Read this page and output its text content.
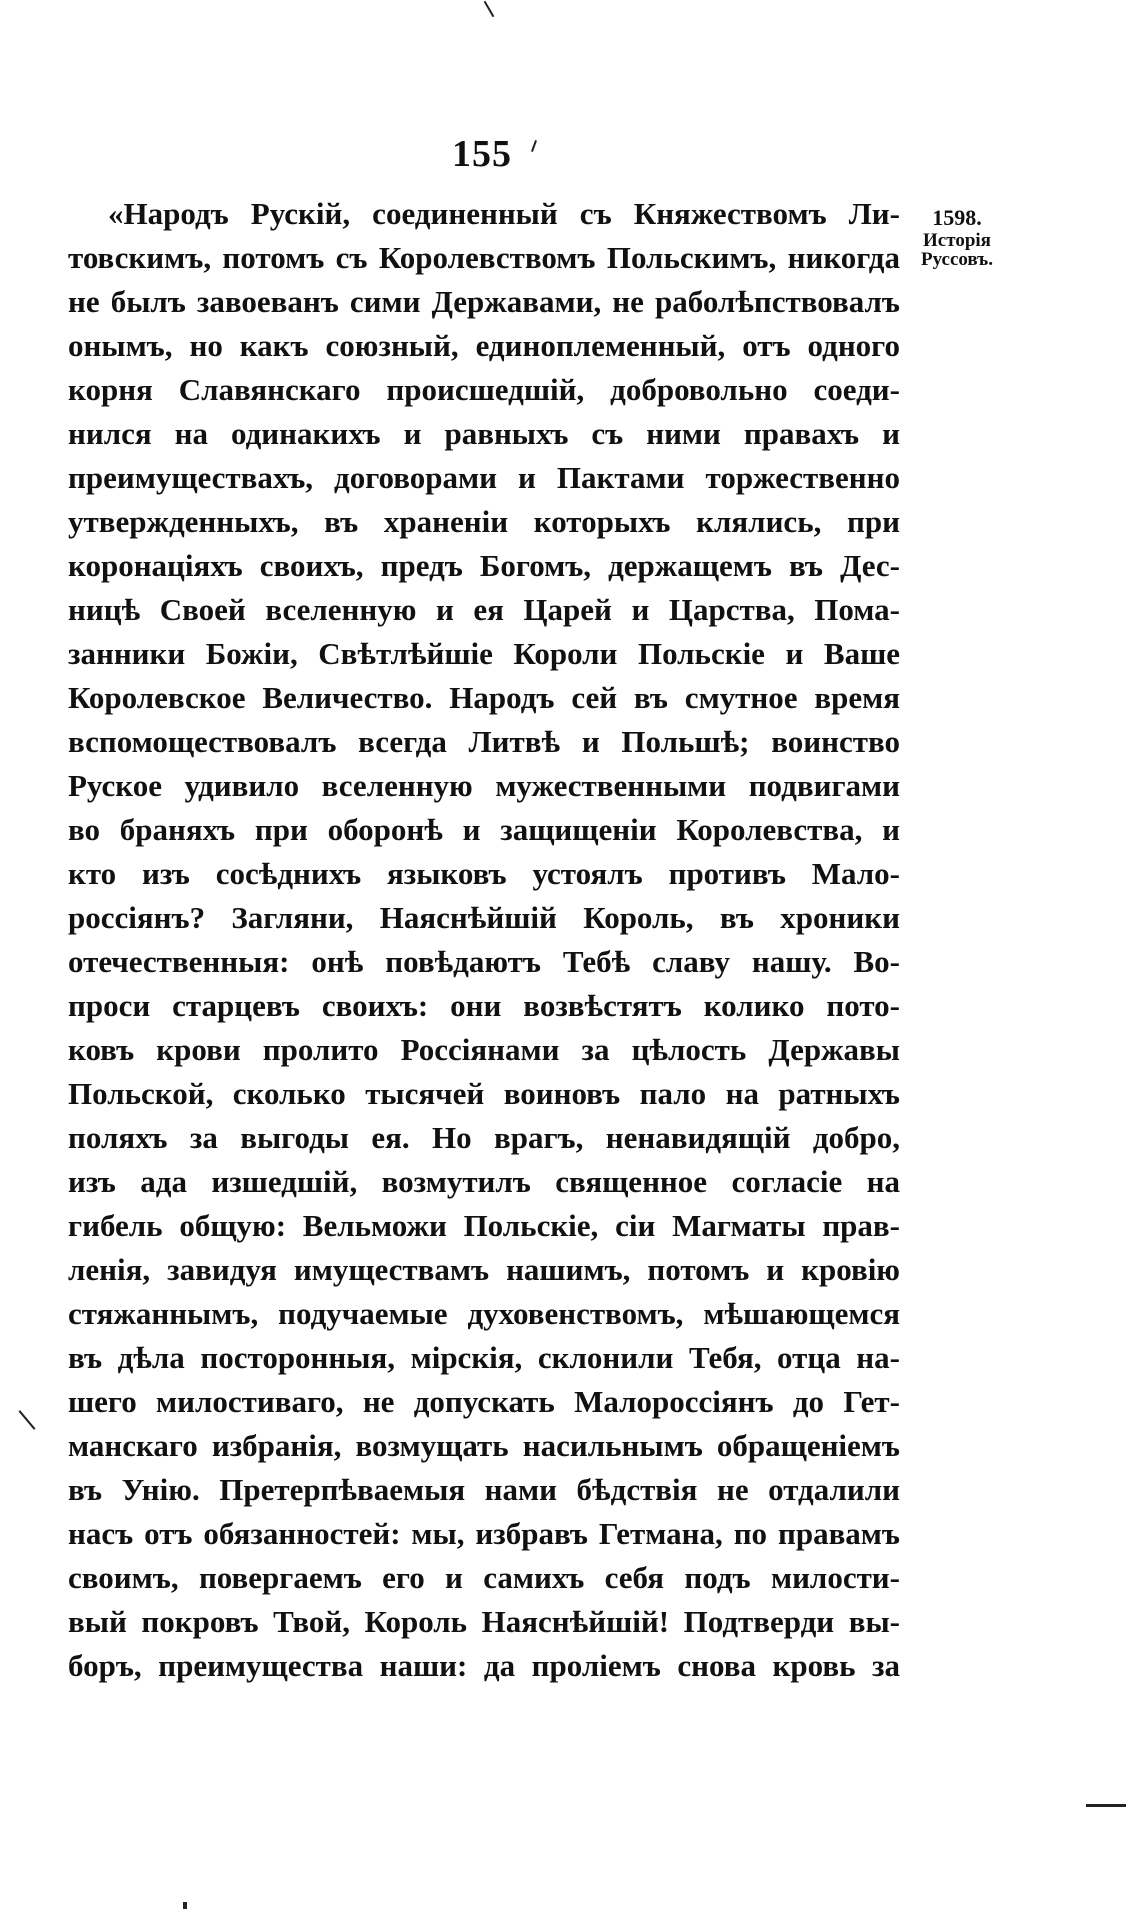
155
1598.
Исторія
Руссовъ.
«Народъ Рускій, соединенный съ Княжествомъ Ли-
товскимъ, потомъ съ Королевствомъ Польскимъ, никогда
не былъ завоеванъ сими Державами, не рабол​ѣпствовалъ
онымъ, но какъ союзный, единоплеменный, отъ одного
корня Славянскаго происшедшій, добровольно соеди-
нился на одинакихъ и равныхъ съ ними правахъ и
преимуществахъ, договорами и Пактами торжественно
утвержденныхъ, въ храненіи которыхъ клялись, при
коронаціяхъ своихъ, предъ Богомъ, держащемъ въ Дес-
ницѣ Своей вселенную и ея Царей и Царства, Пома-
занники Божіи, Свѣтлѣйшіе Короли Польскіе и Ваше
Королевское Величество. Народъ сей въ смутное время
вспомоществовалъ всегда Литвѣ и Польшѣ; воинство
Руское удивило вселенную мужественными подвигами
во браняхъ при оборонѣ и защищеніи Королевства, и
кто изъ сосѣднихъ языковъ устоялъ противъ Мало-
россіянъ? Загляни, Наяснѣйшій Король, въ хроники
отечественныя: онѣ повѣдаютъ Тебѣ славу нашу. Во-
проси старцевъ своихъ: они возвѣстятъ колико пото-
ковъ крови пролито Россіянами за цѣлость Державы
Польской, сколько тысячей воиновъ пало на ратныхъ
поляхъ за выгоды ея. Но врагъ, ненавидящій добро,
изъ ада изшедшій, возмутилъ священное согласіе на
гибель общую: Вельможи Польскіе, сіи Магматы прав-
ленія, завидуя имуществамъ нашимъ, потомъ и кровію
стяжаннымъ, подучаемые духовенствомъ, мѣшающемся
въ дѣла посторонныя, мірскія, склонили Тебя, отца на-
шего милостиваго, не допускать Малороссіянъ до Гет-
манскаго избранія, возмущать насильнымъ обращеніемъ
въ Унію. Претерпѣваемыя нами бѣдствія не отдалили
насъ отъ обязанностей: мы, избравъ Гетмана, по правамъ
своимъ, повергаемъ его и самихъ себя подъ милости-
вый покровъ Твой, Король Наяснѣйшій! Подтверди вы-
боръ, преимущества наши: да проліемъ снова кровь за
